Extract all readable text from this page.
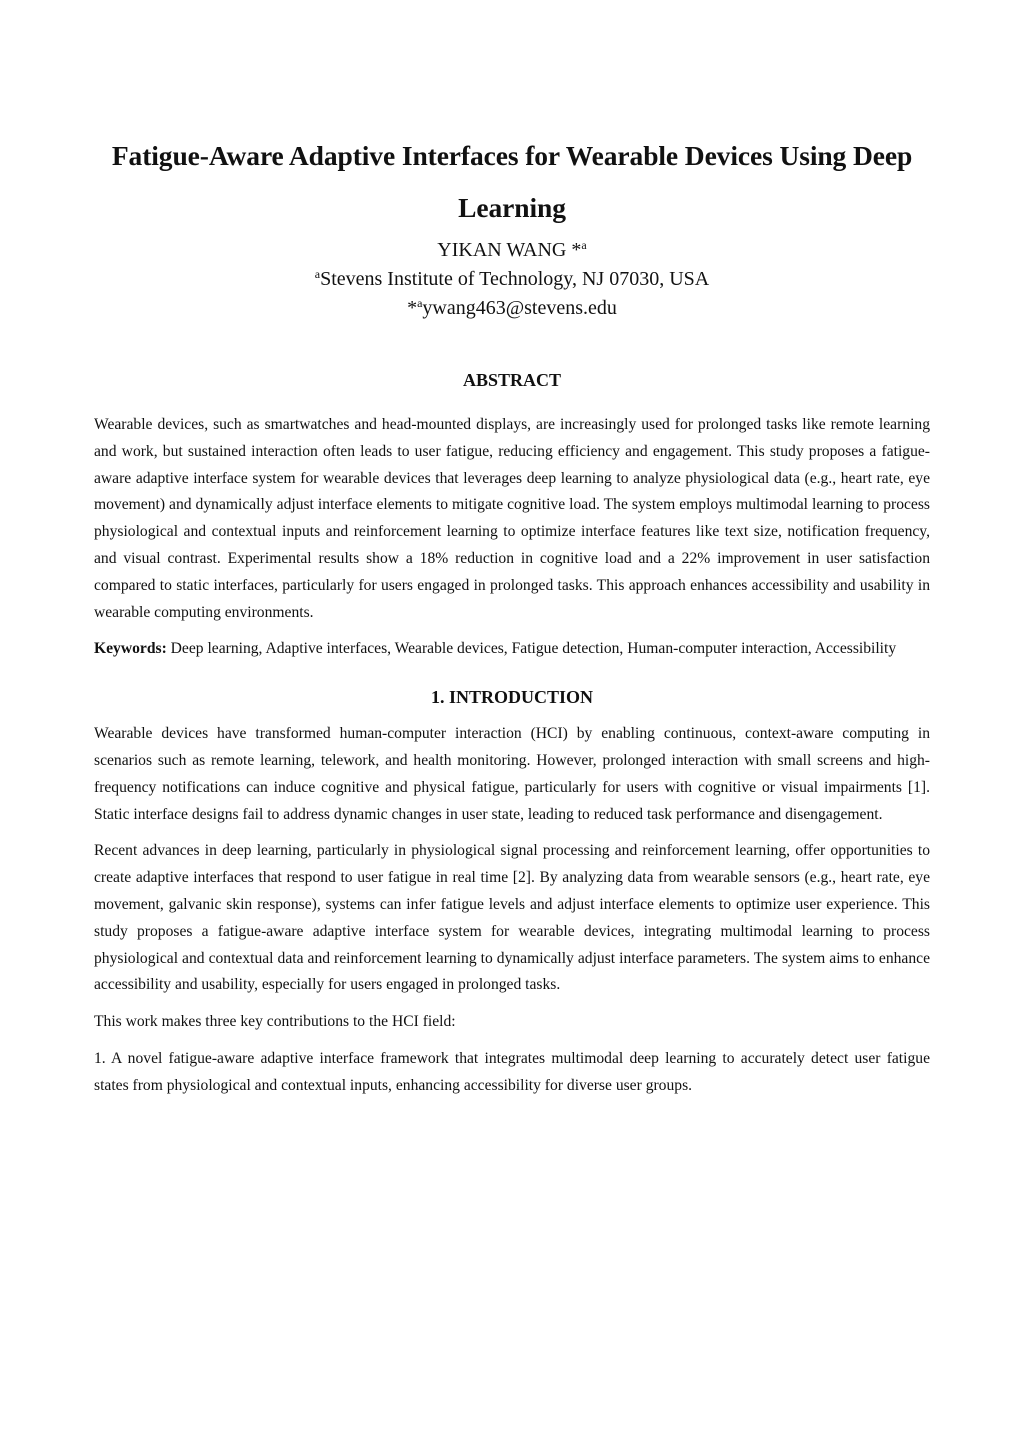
Fatigue-Aware Adaptive Interfaces for Wearable Devices Using Deep Learning
YIKAN WANG *$^a$
$^a$Stevens Institute of Technology, NJ 07030, USA
*$^a$ywang463@stevens.edu
ABSTRACT

Wearable devices, such as smartwatches and head-mounted displays, are increasingly used for prolonged tasks like remote learning and work, but sustained interaction often leads to user fatigue, reducing efficiency and engagement. This study proposes a fatigue-aware adaptive interface system for wearable devices that leverages deep learning to analyze physiological data (e.g., heart rate, eye movement) and dynamically adjust interface elements to mitigate cognitive load. The system employs multimodal learning to process physiological and contextual inputs and reinforcement learning to optimize interface features like text size, notification frequency, and visual contrast. Experimental results show a 18% reduction in cognitive load and a 22% improvement in user satisfaction compared to static interfaces, particularly for users engaged in prolonged tasks. This approach enhances accessibility and usability in wearable computing environments.

Keywords: Deep learning, Adaptive interfaces, Wearable devices, Fatigue detection, Human-computer interaction, Accessibility

1. INTRODUCTION

Wearable devices have transformed human-computer interaction (HCI) by enabling continuous, context-aware computing in scenarios such as remote learning, telework, and health monitoring. However, prolonged interaction with small screens and high-frequency notifications can induce cognitive and physical fatigue, particularly for users with cognitive or visual impairments [1]. Static interface designs fail to address dynamic changes in user state, leading to reduced task performance and disengagement.

Recent advances in deep learning, particularly in physiological signal processing and reinforcement learning, offer opportunities to create adaptive interfaces that respond to user fatigue in real time [2]. By analyzing data from wearable sensors (e.g., heart rate, eye movement, galvanic skin response), systems can infer fatigue levels and adjust interface elements to optimize user experience. This study proposes a fatigue-aware adaptive interface system for wearable devices, integrating multimodal learning to process physiological and contextual data and reinforcement learning to dynamically adjust interface parameters. The system aims to enhance accessibility and usability, especially for users engaged in prolonged tasks.

This work makes three key contributions to the HCI field:

1. A novel fatigue-aware adaptive interface framework that integrates multimodal deep learning to accurately detect user fatigue states from physiological and contextual inputs, enhancing accessibility for diverse user groups.
